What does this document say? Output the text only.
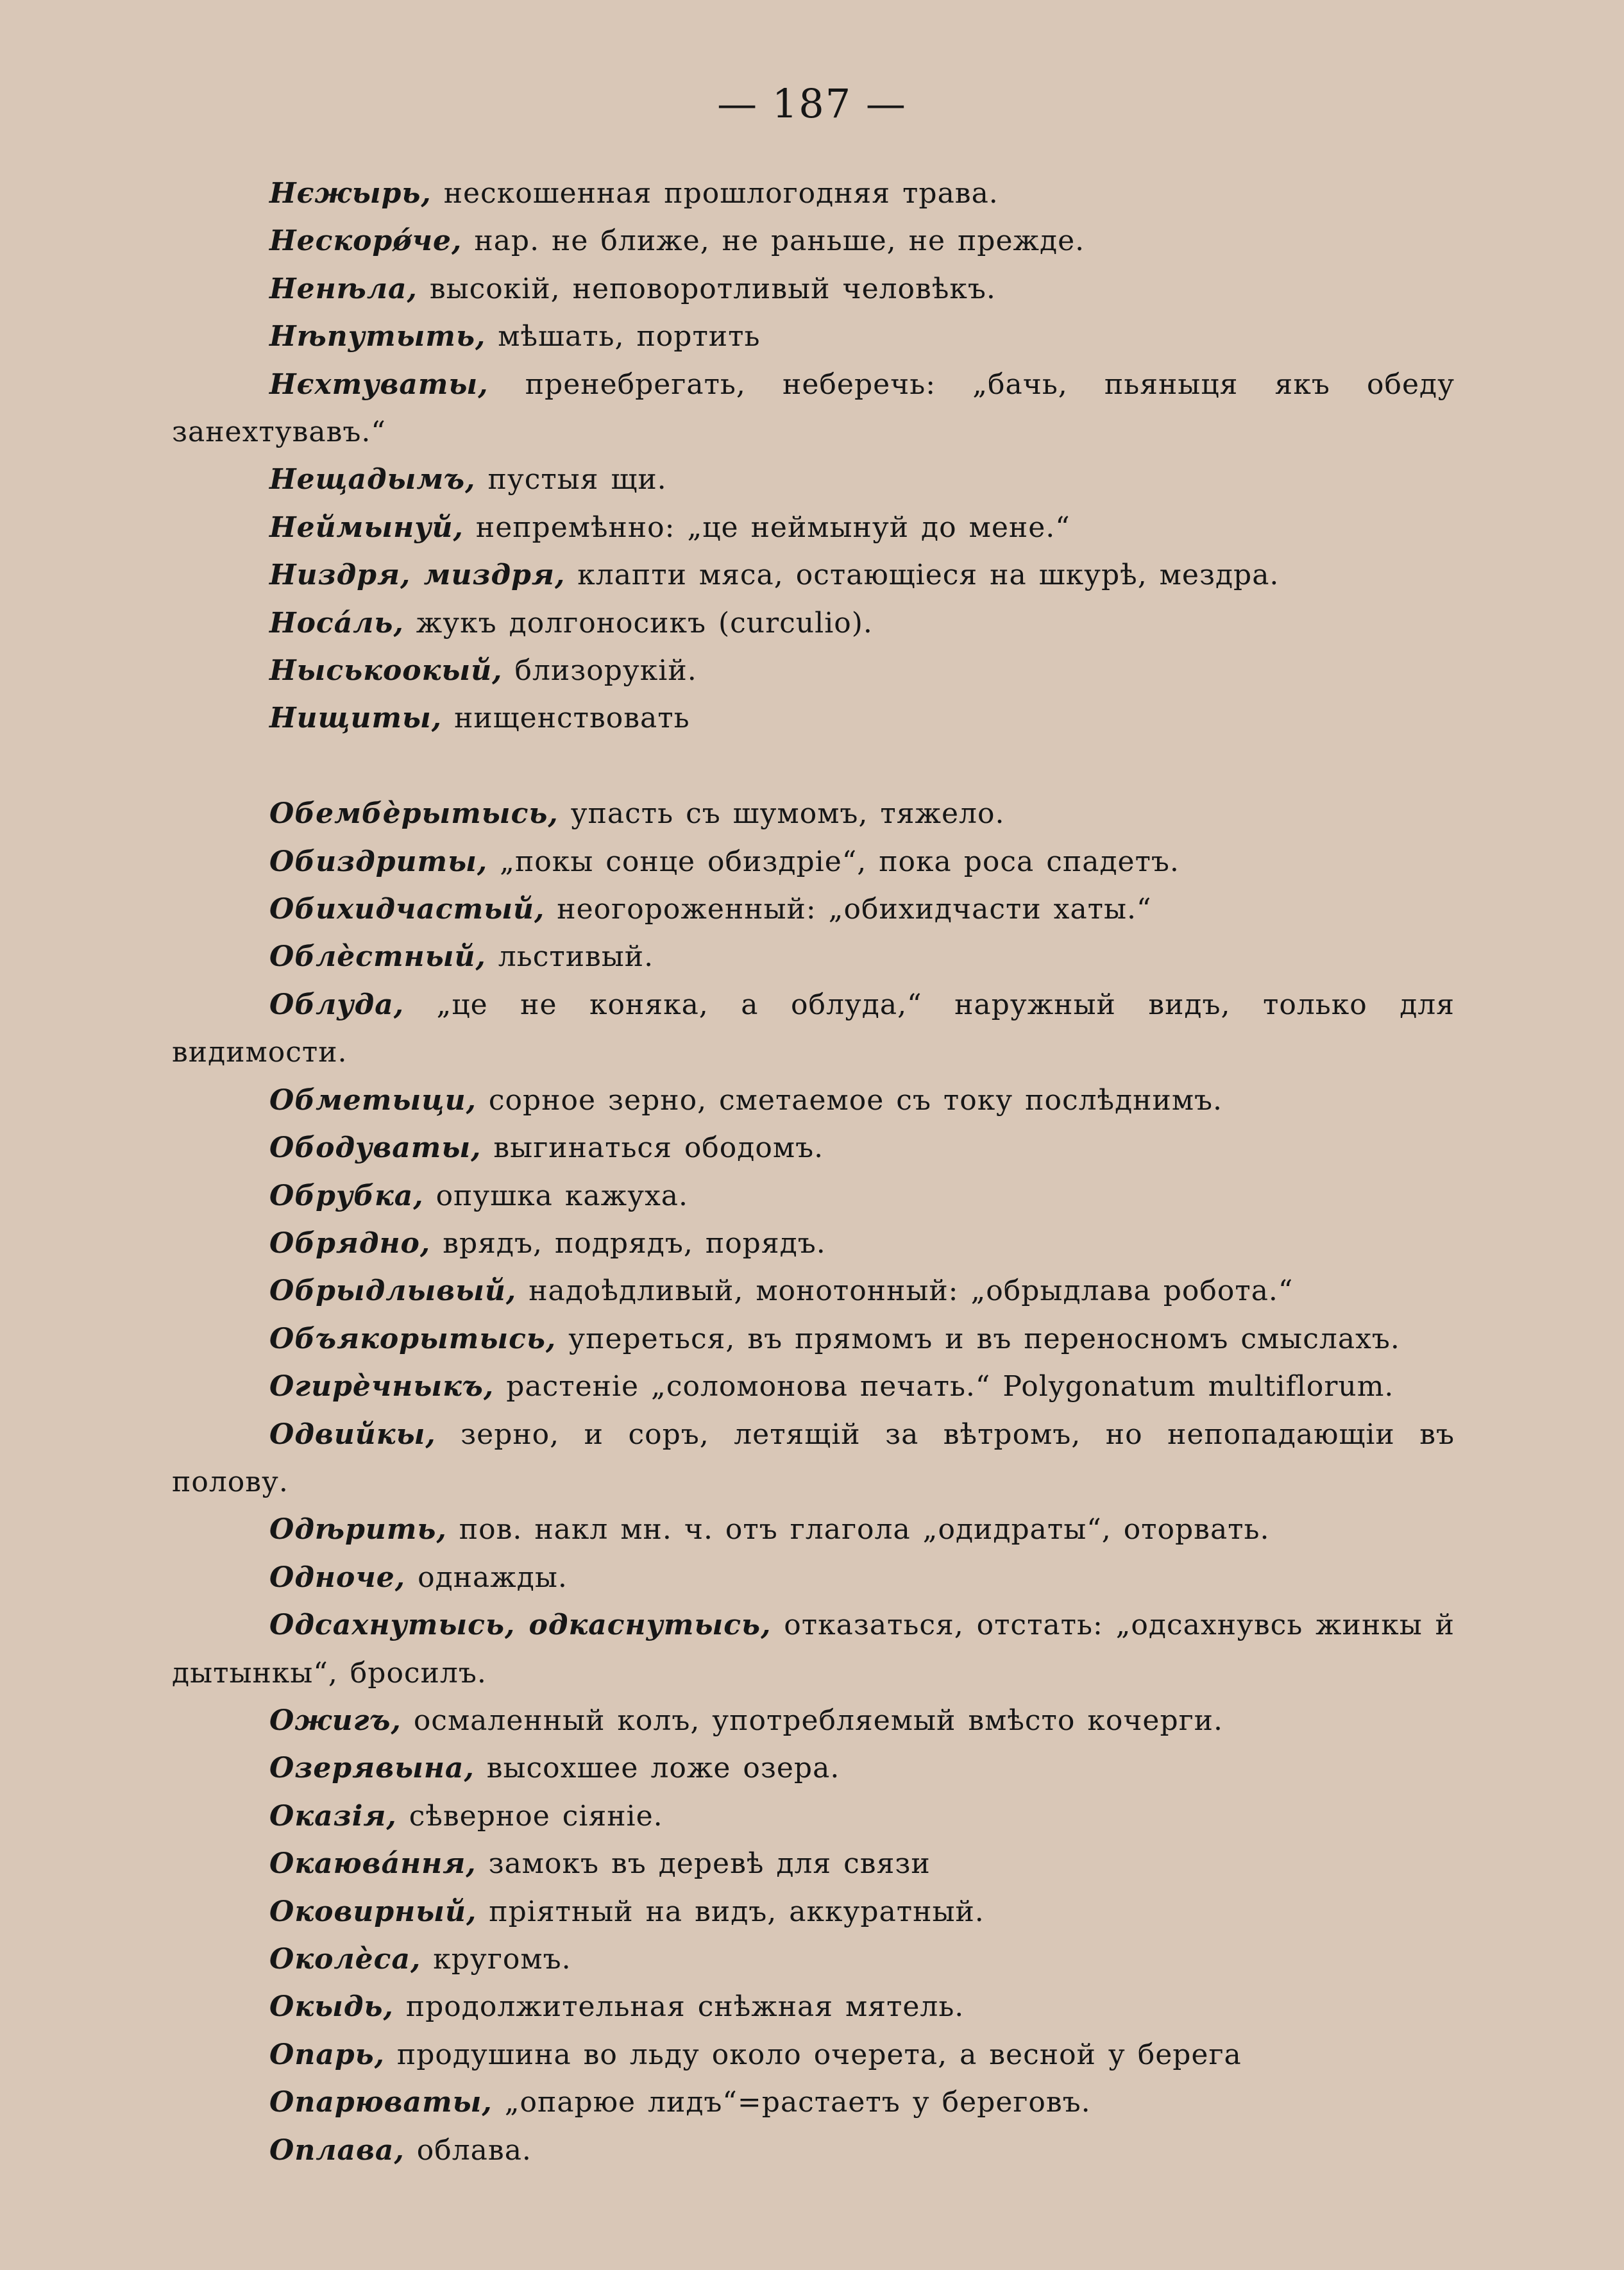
— 187 —
Нєжырь, нескошенная прошлогодняя трава.
Нескорǿче, нар. не ближе, не раньше, не прежде.
Ненѣла, высокій, неповоротливый человѣкъ.
Нѣпутыть, мѣшать, портить
Нєхтуваты, пренебрегать, неберечь: „бачь, пьяныця якъ обеду занехтувавъ.“
Нещадымъ, пустыя щи.
Неймынуй, непремѣнно: „це неймынуй до мене.“
Низдря, миздря, клапти мяса, остающіеся на шкурѣ, мездра.
Носáль, жукъ долгоносикъ (curculio).
Ныськоокый, близорукій.
Нищиты, нищенствовать
Обембѐрытысь, упасть съ шумомъ, тяжело.
Обиздриты, „покы сонце обиздріе“, пока роса спадетъ.
Обихидчастый, неогороженный: „обихидчасти хаты.“
Облѐстный, льстивый.
Облуда, „це не коняка, а облуда,“ наружный видъ, только для видимости.
Обметыци, сорное зерно, сметаемое съ току послѣднимъ.
Ободуваты, выгинаться ободомъ.
Обрубка, опушка кажуха.
Обрядно, врядъ, подрядъ, порядъ.
Обрыдлывый, надоѣдливый, монотонный: „обрыдлава робота.“
Объякорытысь, упереться, въ прямомъ и въ переносномъ смыслахъ.
Огирѐчныкъ, растеніе „соломонова печать.“ Polygonatum multiflorum.
Одвийкы, зерно, и соръ, летящій за вѣтромъ, но непопадающіи въ полову.
Одѣрить, пов. накл мн. ч. отъ глагола „одидраты“, оторвать.
Одноче, однажды.
Одсахнутысь, одкаснутысь, отказаться, отстать: „одсахнувсь жинкы й дытынкы“, бросилъ.
Ожигъ, осмаленный колъ, употребляемый вмѣсто кочерги.
Озерявына, высохшее ложе озера.
Оказія, сѣверное сіяніе.
Окаювáння, замокъ въ деревѣ для связи
Оковирный, пріятный на видъ, аккуратный.
Околѐса, кругомъ.
Окыдь, продолжительная снѣжная мятель.
Опарь, продушина во льду около очерета, а весной у берега
Опарюваты, „опарюе лидъ“=растаетъ у береговъ.
Оплава, облава.
